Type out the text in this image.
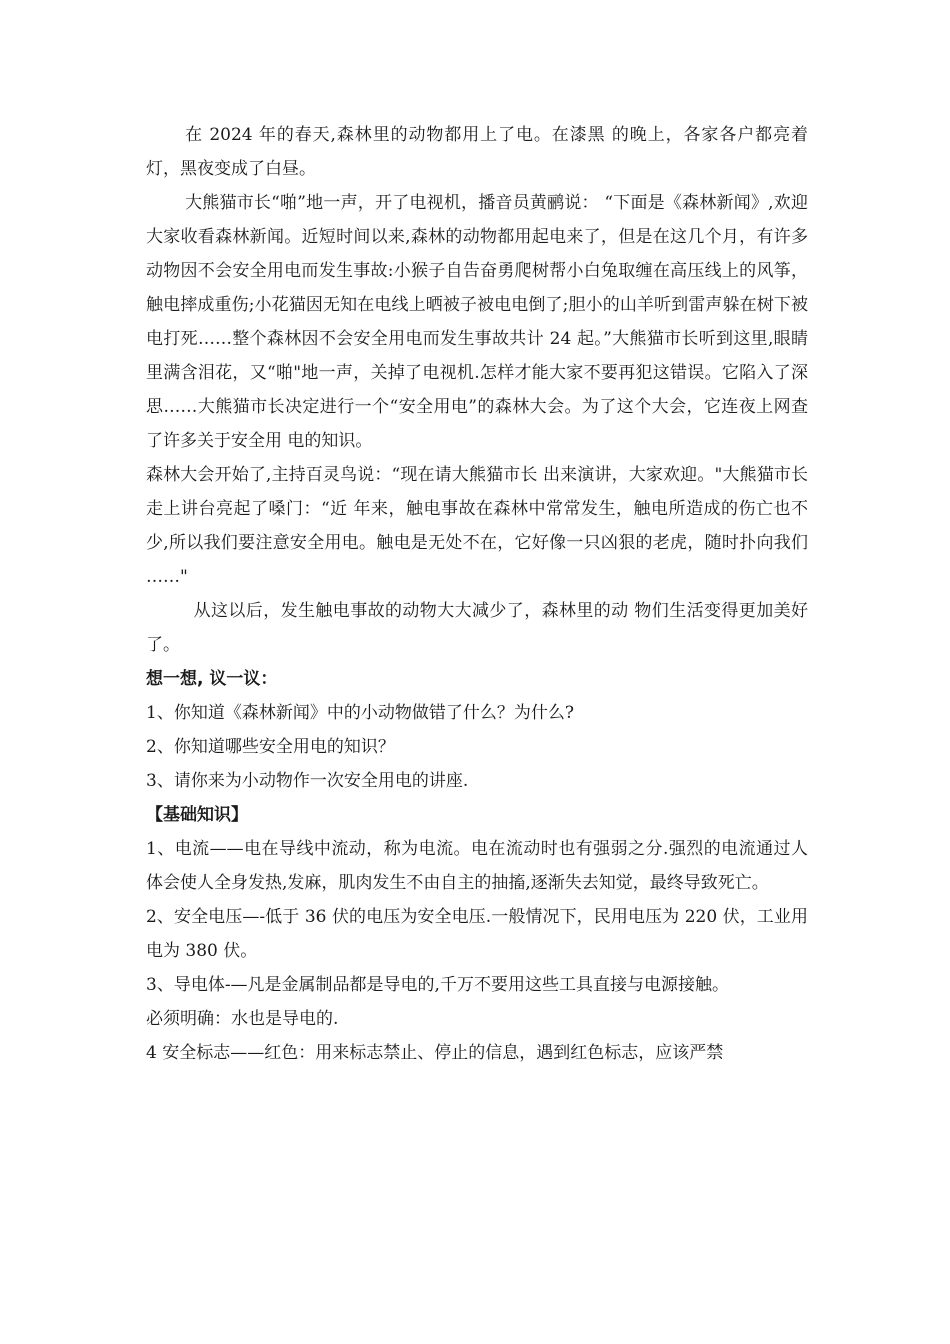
在 2024 年的春天,森林里的动物都用上了电。在漆黑 的晚上，各家各户都亮着灯，黑夜变成了白昼。

大熊猫市长“啪”地一声，开了电视机，播音员黄鹂说： “下面是《森林新闻》,欢迎大家收看森林新闻。近短时间以来,森林的动物都用起电来了，但是在这几个月，有许多动物因不会安全用电而发生事故:小猴子自告奋勇爬树帮小白兔取缠在高压线上的风筝，触电摔成重伤;小花猫因无知在电线上晒被子被电电倒了;胆小的山羊听到雷声躲在树下被电打死……整个森林因不会安全用电而发生事故共计 24 起。”大熊猫市长听到这里,眼睛里满含泪花，又“啪"地一声，关掉了电视机.怎样才能大家不要再犯这错误。它陷入了深思……大熊猫市长决定进行一个“安全用电”的森林大会。为了这个大会，它连夜上网查了许多关于安全用 电的知识。

森林大会开始了,主持百灵鸟说：“现在请大熊猫市长 出来演讲，大家欢迎。"大熊猫市长走上讲台亮起了嗓门：“近 年来，触电事故在森林中常常发生，触电所造成的伤亡也不少,所以我们要注意安全用电。触电是无处不在，它好像一只凶狠的老虎，随时扑向我们 ……"

从这以后，发生触电事故的动物大大减少了，森林里的动 物们生活变得更加美好了。

想一想, 议一议：

1、你知道《森林新闻》中的小动物做错了什么？为什么?

2、你知道哪些安全用电的知识？

3、请你来为小动物作一次安全用电的讲座.

【基础知识】

1、电流——电在导线中流动，称为电流。电在流动时也有强弱之分.强烈的电流通过人体会使人全身发热,发麻，肌肉发生不由自主的抽搐,逐渐失去知觉，最终导致死亡。

2、安全电压—-低于 36 伏的电压为安全电压.一般情况下，民用电压为 220 伏，工业用电为 380 伏。

3、导电体-—凡是金属制品都是导电的,千万不要用这些工具直接与电源接触。

必须明确：水也是导电的.

4 安全标志——红色：用来标志禁止、停止的信息，遇到红色标志，应该严禁
